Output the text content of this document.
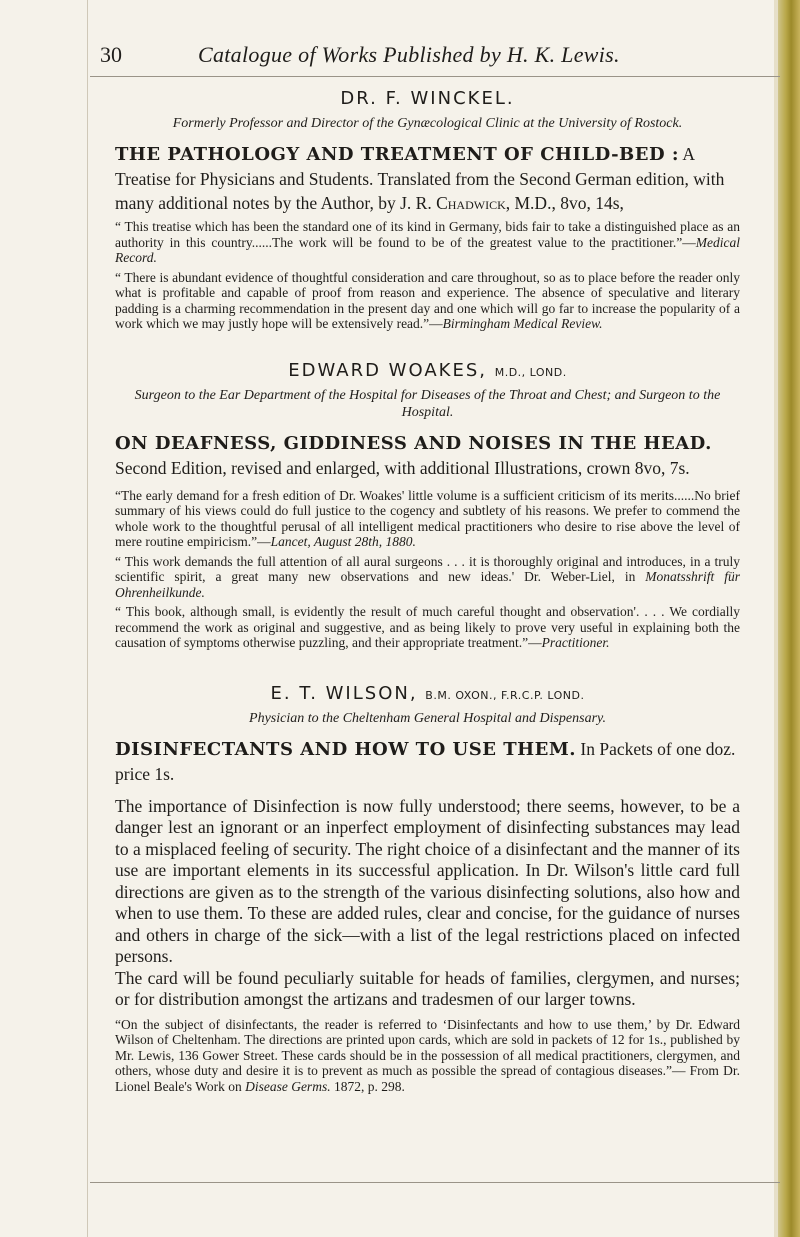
30	Catalogue of Works Published by H. K. Lewis.

DR. F. WINCKEL.

Formerly Professor and Director of the Gynæcological Clinic at the University of Rostock.

THE PATHOLOGY AND TREATMENT OF CHILD-BED : A Treatise for Physicians and Students. Translated from the Second German edition, with many additional notes by the Author, by J. R. Chadwick, M.D., 8vo, 14s,

“ This treatise which has been the standard one of its kind in Germany, bids fair to take a distinguished place as an authority in this country......The work will be found to be of the greatest value to the practitioner.”—Medical Record.

“ There is abundant evidence of thoughtful consideration and care throughout, so as to place before the reader only what is profitable and capable of proof from reason and experience. The absence of speculative and literary padding is a charming recommendation in the present day and one which will go far to increase the popularity of a work which we may justly hope will be extensively read.”—Birmingham Medical Review.

EDWARD WOAKES, M.D., LOND.

Surgeon to the Ear Department of the Hospital for Diseases of the Throat and Chest; and Surgeon to the Hospital.

ON DEAFNESS, GIDDINESS AND NOISES IN THE HEAD. Second Edition, revised and enlarged, with additional Illustrations, crown 8vo, 7s.

“The early demand for a fresh edition of Dr. Woakes' little volume is a sufficient criticism of its merits......No brief summary of his views could do full justice to the cogency and subtlety of his reasons. We prefer to commend the whole work to the thoughtful perusal of all intelligent medical practitioners who desire to rise above the level of mere routine empiricism.”—Lancet, August 28th, 1880.

“ This work demands the full attention of all aural surgeons . . . it is thoroughly original and introduces, in a truly scientific spirit, a great many new observations and new ideas.' Dr. Weber-Liel, in Monatsshrift für Ohrenheilkunde.

“ This book, although small, is evidently the result of much careful thought and observation'. . . . We cordially recommend the work as original and suggestive, and as being likely to prove very useful in explaining both the causation of symptoms otherwise puzzling, and their appropriate treatment.”—Practitioner.

E. T. WILSON, B.M. OXON., F.R.C.P. LOND.

Physician to the Cheltenham General Hospital and Dispensary.

DISINFECTANTS AND HOW TO USE THEM. In Packets of one doz. price 1s.

The importance of Disinfection is now fully understood; there seems, however, to be a danger lest an ignorant or an inperfect employment of disinfecting substances may lead to a misplaced feeling of security. The right choice of a disinfectant and the manner of its use are important elements in its successful application. In Dr. Wilson's little card full directions are given as to the strength of the various disinfecting solutions, also how and when to use them. To these are added rules, clear and concise, for the guidance of nurses and others in charge of the sick—with a list of the legal restrictions placed on infected persons.

The card will be found peculiarly suitable for heads of families, clergymen, and nurses; or for distribution amongst the artizans and tradesmen of our larger towns.

“On the subject of disinfectants, the reader is referred to ‘Disinfectants and how to use them,’ by Dr. Edward Wilson of Cheltenham. The directions are printed upon cards, which are sold in packets of 12 for 1s., published by Mr. Lewis, 136 Gower Street. These cards should be in the possession of all medical practitioners, clergymen, and others, whose duty and desire it is to prevent as much as possible the spread of contagious diseases.”— From Dr. Lionel Beale's Work on Disease Germs. 1872, p. 298.
